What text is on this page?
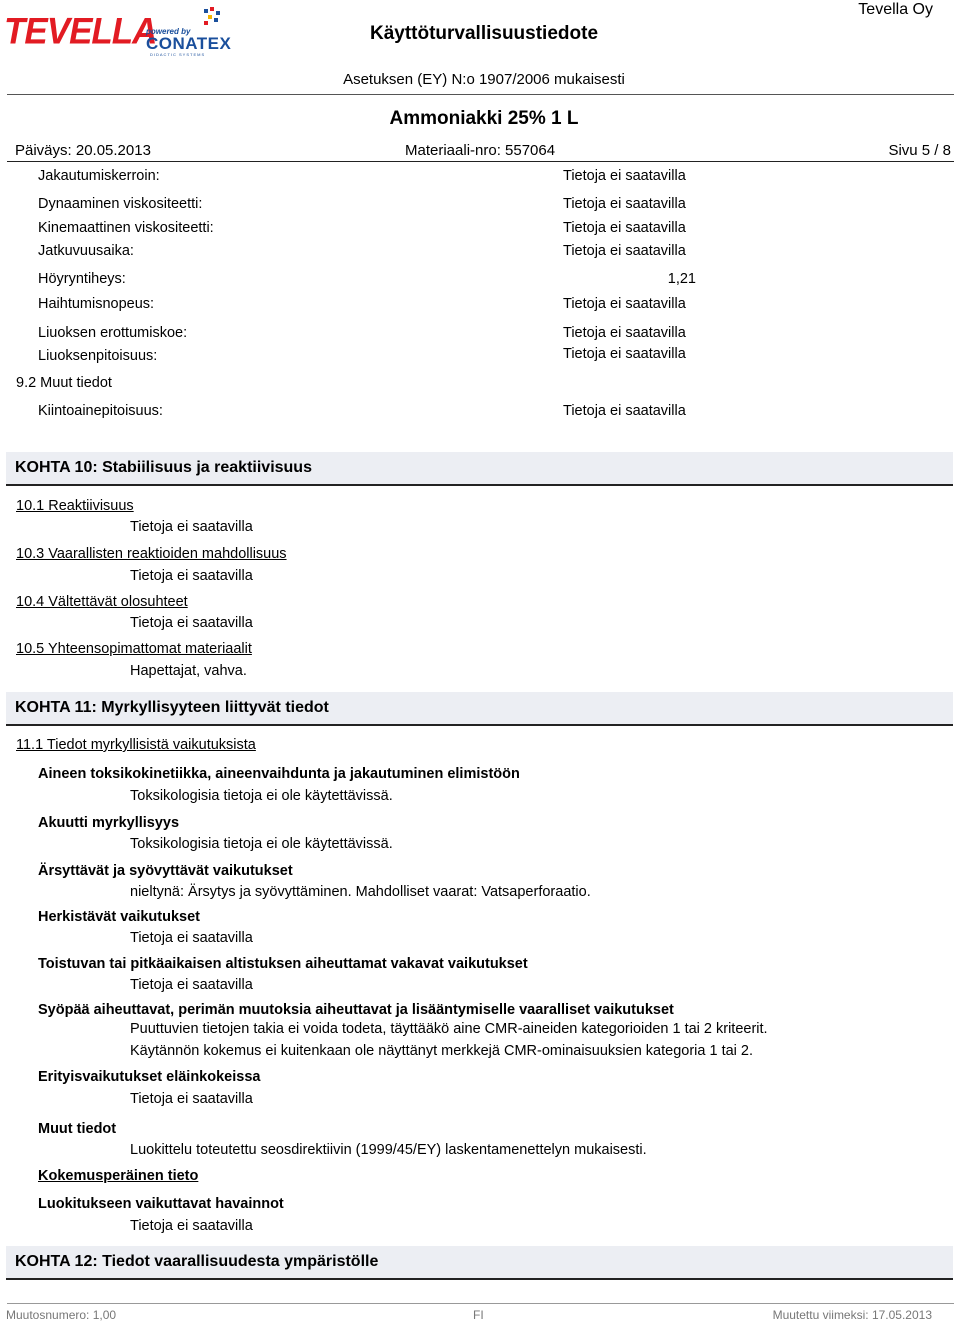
TEVELLA
powered by
CONATEX
DIDACTIC SYSTEMS
Käyttöturvallisuustiedote
Tevella Oy
Asetuksen (EY) N:o 1907/2006 mukaisesti
Ammoniakki 25% 1 L
Päiväys: 20.05.2013	Materiaali-nro: 557064	Sivu 5 / 8
Jakautumiskerroin:	Tietoja ei saatavilla
Dynaaminen viskositeetti:	Tietoja ei saatavilla
Kinemaattinen viskositeetti:	Tietoja ei saatavilla
Jatkuvuusaika:	Tietoja ei saatavilla
Höyryntiheys:	1,21
Haihtumisnopeus:	Tietoja ei saatavilla
Liuoksen erottumiskoe:	Tietoja ei saatavilla
Liuoksenpitoisuus:	Tietoja ei saatavilla
9.2 Muut tiedot
Kiintoainepitoisuus:	Tietoja ei saatavilla
KOHTA 10: Stabiilisuus ja reaktiivisuus
10.1 Reaktiivisuus
Tietoja ei saatavilla
10.3 Vaarallisten reaktioiden mahdollisuus
Tietoja ei saatavilla
10.4 Vältettävät olosuhteet
Tietoja ei saatavilla
10.5 Yhteensopimattomat materiaalit
Hapettajat, vahva.
KOHTA 11: Myrkyllisyyteen liittyvät tiedot
11.1 Tiedot myrkyllisistä vaikutuksista
Aineen toksikokinetiikka, aineenvaihdunta ja jakautuminen elimistöön
Toksikologisia tietoja ei ole käytettävissä.
Akuutti myrkyllisyys
Toksikologisia tietoja ei ole käytettävissä.
Ärsyttävät ja syövyttävät vaikutukset
nieltynä: Ärsytys ja syövyttäminen. Mahdolliset vaarat: Vatsaperforaatio.
Herkistävät vaikutukset
Tietoja ei saatavilla
Toistuvan tai pitkäaikaisen altistuksen aiheuttamat vakavat vaikutukset
Tietoja ei saatavilla
Syöpää aiheuttavat, perimän muutoksia aiheuttavat ja lisääntymiselle vaaralliset vaikutukset
Puuttuvien tietojen takia ei voida todeta, täyttääkö aine CMR-aineiden kategorioiden 1 tai 2 kriteerit.
Käytännön kokemus ei kuitenkaan ole näyttänyt merkkejä CMR-ominaisuuksien kategoria 1 tai 2.
Erityisvaikutukset eläinkokeissa
Tietoja ei saatavilla
Muut tiedot
Luokittelu toteutettu seosdirektiivin (1999/45/EY) laskentamenettelyn mukaisesti.
Kokemusperäinen tieto
Luokitukseen vaikuttavat havainnot
Tietoja ei saatavilla
KOHTA 12: Tiedot vaarallisuudesta ympäristölle
Muutosnumero: 1,00	FI	Muutettu viimeksi: 17.05.2013
